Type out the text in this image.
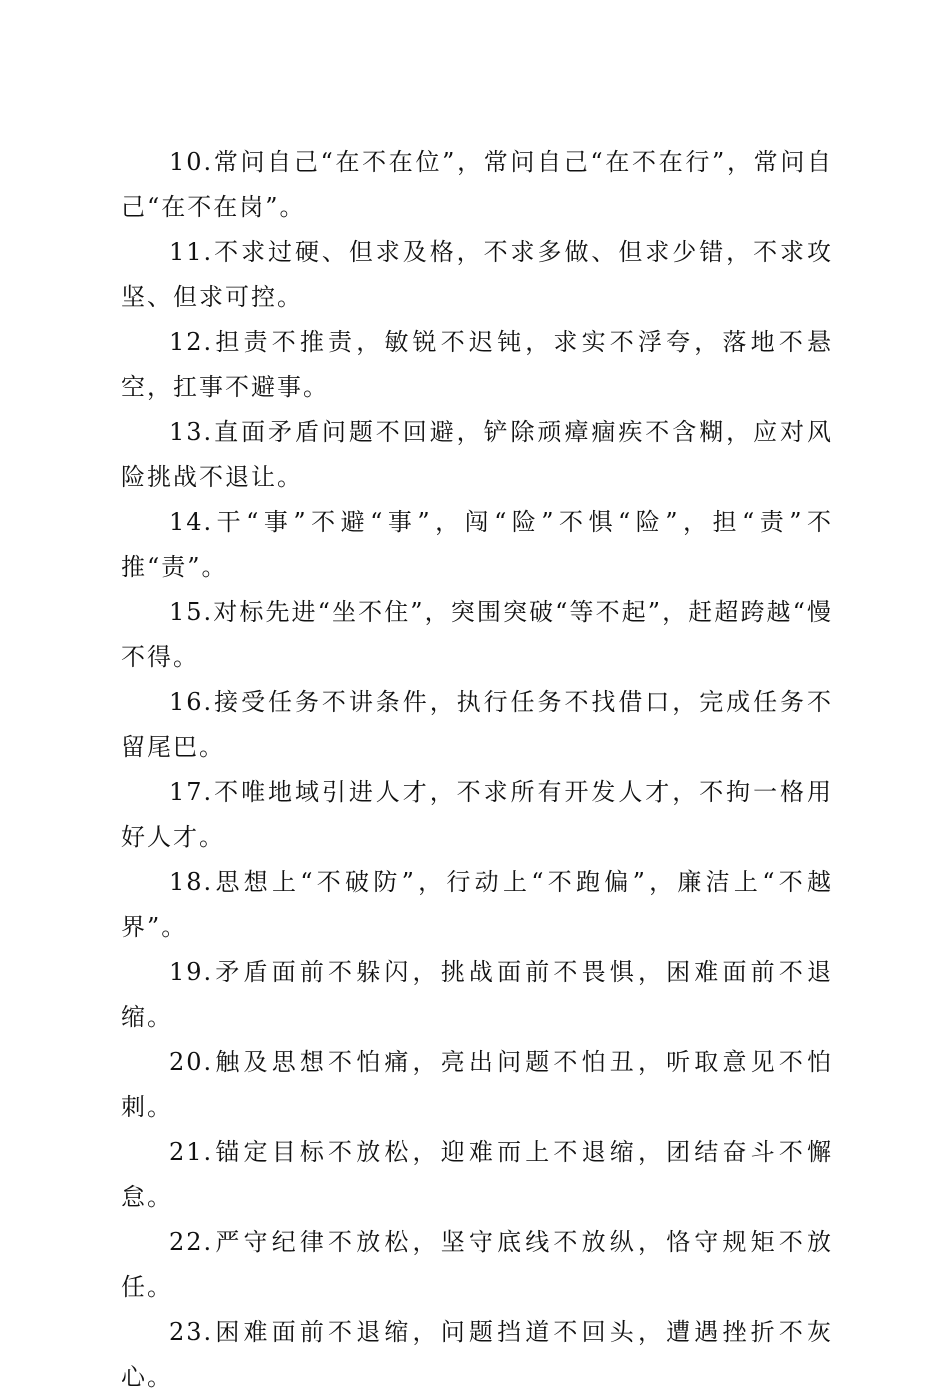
10.常问自己“在不在位”，常问自己“在不在行”，常问自己“在不在岗”。

11.不求过硬、但求及格，不求多做、但求少错，不求攻坚、但求可控。

12.担责不推责，敏锐不迟钝，求实不浮夸，落地不悬空，扛事不避事。

13.直面矛盾问题不回避，铲除顽瘴痼疾不含糊，应对风险挑战不退让。

14.干“事”不避“事”，闯“险”不惧“险”，担“责”不推“责”。

15.对标先进“坐不住”，突围突破“等不起”，赶超跨越“慢不得。

16.接受任务不讲条件，执行任务不找借口，完成任务不留尾巴。

17.不唯地域引进人才，不求所有开发人才，不拘一格用好人才。

18.思想上“不破防”，行动上“不跑偏”，廉洁上“不越界”。

19.矛盾面前不躲闪，挑战面前不畏惧，困难面前不退缩。

20.触及思想不怕痛，亮出问题不怕丑，听取意见不怕刺。

21.锚定目标不放松，迎难而上不退缩，团结奋斗不懈怠。

22.严守纪律不放松，坚守底线不放纵，恪守规矩不放任。

23.困难面前不退缩，问题挡道不回头，遭遇挫折不灰心。
